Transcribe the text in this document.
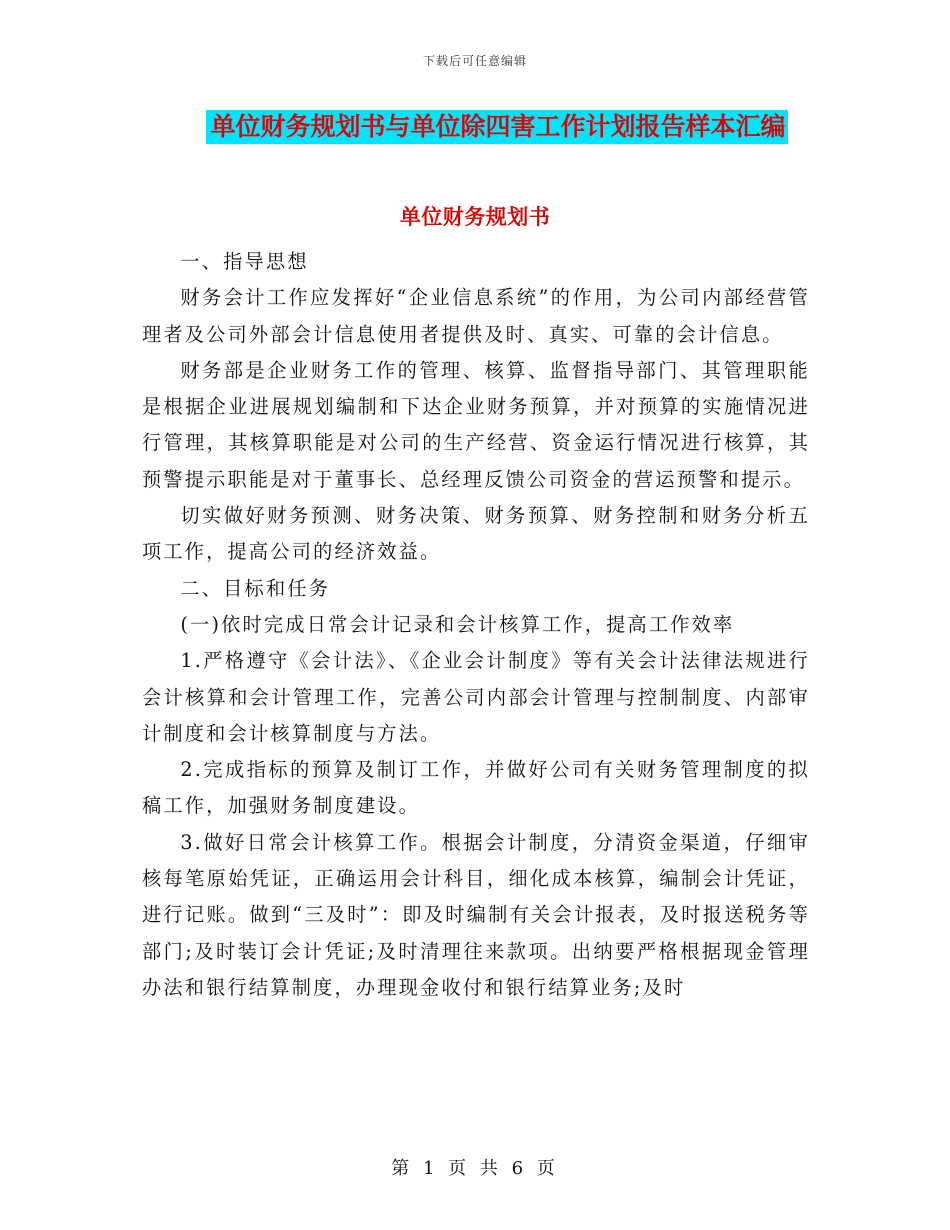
下载后可任意编辑
单位财务规划书与单位除四害工作计划报告样本汇编
单位财务规划书

一、指导思想

财务会计工作应发挥好“企业信息系统”的作用，为公司内部经营管理者及公司外部会计信息使用者提供及时、真实、可靠的会计信息。

财务部是企业财务工作的管理、核算、监督指导部门、其管理职能是根据企业进展规划编制和下达企业财务预算，并对预算的实施情况进行管理，其核算职能是对公司的生产经营、资金运行情况进行核算，其预警提示职能是对于董事长、总经理反馈公司资金的营运预警和提示。

切实做好财务预测、财务决策、财务预算、财务控制和财务分析五项工作，提高公司的经济效益。

二、目标和任务

(一)依时完成日常会计记录和会计核算工作，提高工作效率

1.严格遵守《会计法》、《企业会计制度》等有关会计法律法规进行会计核算和会计管理工作，完善公司内部会计管理与控制制度、内部审计制度和会计核算制度与方法。

2.完成指标的预算及制订工作，并做好公司有关财务管理制度的拟稿工作，加强财务制度建设。

3.做好日常会计核算工作。根据会计制度，分清资金渠道，仔细审核每笔原始凭证，正确运用会计科目，细化成本核算，编制会计凭证，进行记账。做到“三及时”：即及时编制有关会计报表，及时报送税务等部门;及时装订会计凭证;及时清理往来款项。出纳要严格根据现金管理办法和银行结算制度，办理现金收付和银行结算业务;及时

第 1 页 共 6 页
